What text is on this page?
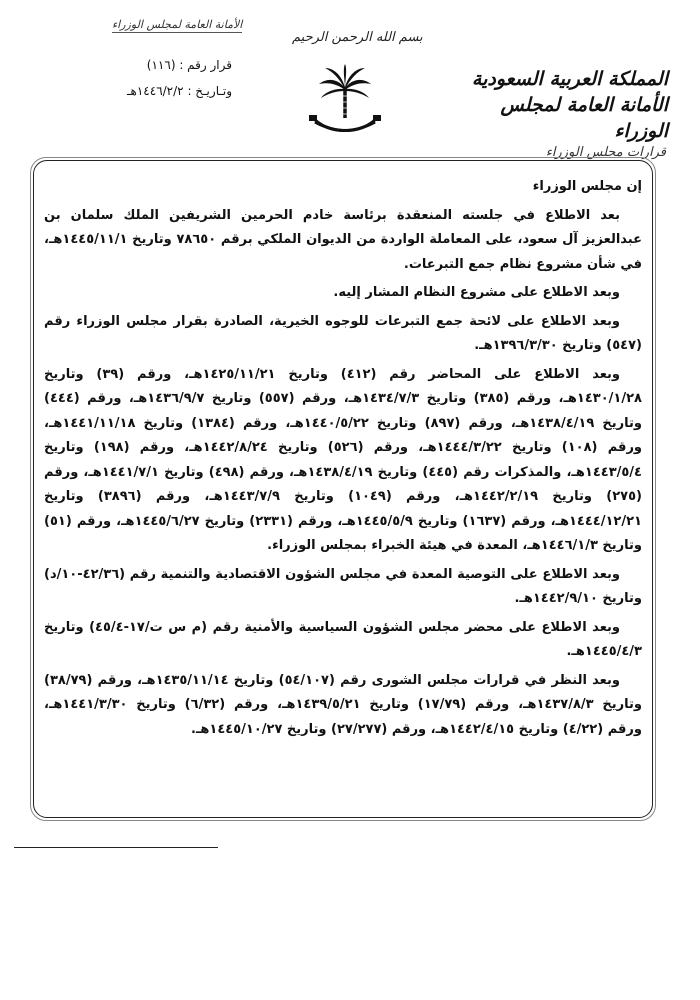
الأمانة العامة لمجلس الوزراء
قرار رقم : (١١٦)
وتـاريـخ : ١٤٤٦/٢/٢هـ
بسم الله الرحمن الرحيم
المملكة العربية السعودية
الأمانة العامة لمجلس الوزراء
قرارات مجلس الوزراء

إن مجلس الوزراء

بعد الاطلاع في جلسته المنعقدة برئاسة خادم الحرمين الشريفين الملك سلمان بن عبدالعزيز آل سعود، على المعاملة الواردة من الديوان الملكي برقم ٧٨٦٥٠ وتاريخ ١٤٤٥/١١/١هـ، في شأن مشروع نظام جمع التبرعات.

وبعد الاطلاع على مشروع النظام المشار إليه.

وبعد الاطلاع على لائحة جمع التبرعات للوجوه الخيرية، الصادرة بقرار مجلس الوزراء رقم (٥٤٧) وتاريخ ١٣٩٦/٣/٣٠هـ.

وبعد الاطلاع على المحاضر رقم (٤١٢) وتاريخ ١٤٢٥/١١/٢١هـ، ورقم (٣٩) وتاريخ ١٤٣٠/١/٢٨هـ، ورقم (٣٨٥) وتاريخ ١٤٣٤/٧/٣هـ، ورقم (٥٥٧) وتاريخ ١٤٣٦/٩/٧هـ، ورقم (٤٤٤) وتاريخ ١٤٣٨/٤/١٩هـ، ورقم (٨٩٧) وتاريخ ١٤٤٠/٥/٢٢هـ، ورقم (١٣٨٤) وتاريخ ١٤٤١/١١/١٨هـ، ورقم (١٠٨) وتاريخ ١٤٤٤/٣/٢٢هـ، ورقم (٥٢٦) وتاريخ ١٤٤٢/٨/٢٤هـ، ورقم (١٩٨) وتاريخ ١٤٤٣/٥/٤هـ، والمذكرات رقم (٤٤٥) وتاريخ ١٤٣٨/٤/١٩هـ، ورقم (٤٩٨) وتاريخ ١٤٤١/٧/١هـ، ورقم (٢٧٥) وتاريخ ١٤٤٢/٢/١٩هـ، ورقم (١٠٤٩) وتاريخ ١٤٤٣/٧/٩هـ، ورقم (٣٨٩٦) وتاريخ ١٤٤٤/١٢/٢١هـ، ورقم (١٦٣٧) وتاريخ ١٤٤٥/٥/٩هـ، ورقم (٢٣٣١) وتاريخ ١٤٤٥/٦/٢٧هـ، ورقم (٥١) وتاريخ ١٤٤٦/١/٣هـ، المعدة في هيئة الخبراء بمجلس الوزراء.

وبعد الاطلاع على التوصية المعدة في مجلس الشؤون الاقتصادية والتنمية رقم (٤٢/٣٦-١٠/د) وتاريخ ١٤٤٢/٩/١٠هـ.

وبعد الاطلاع على محضر مجلس الشؤون السياسية والأمنية رقم (م س ت/١٧-٤٥/٤) وتاريخ ١٤٤٥/٤/٣هـ.

وبعد النظر في قرارات مجلس الشورى رقم (٥٤/١٠٧) وتاريخ ١٤٣٥/١١/١٤هـ، ورقم (٣٨/٧٩) وتاريخ ١٤٣٧/٨/٣هـ، ورقم (١٧/٧٩) وتاريخ ١٤٣٩/٥/٢١هـ، ورقم (٦/٣٢) وتاريخ ١٤٤١/٣/٣٠هـ، ورقم (٤/٢٢) وتاريخ ١٤٤٢/٤/١٥هـ، ورقم (٢٧/٢٧٧) وتاريخ ١٤٤٥/١٠/٢٧هـ.
